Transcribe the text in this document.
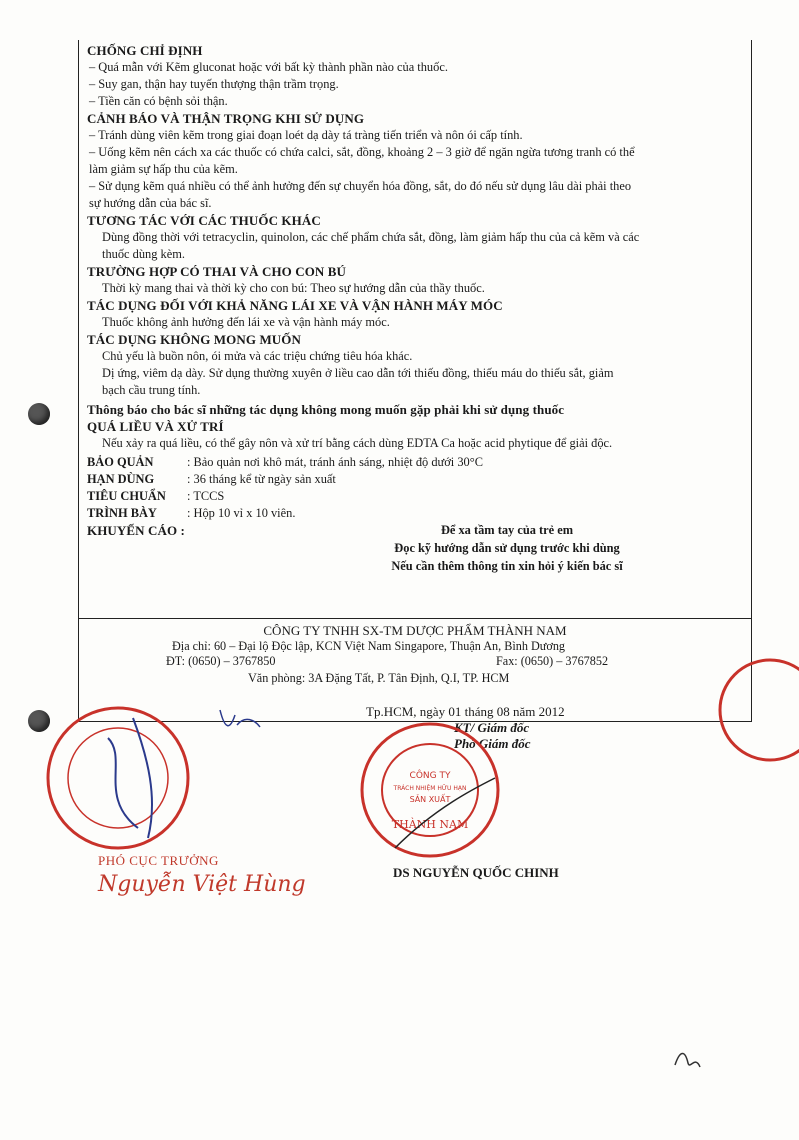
CHỐNG CHỈ ĐỊNH
– Quá mẫn với Kẽm gluconat hoặc với bất kỳ thành phần nào của thuốc.
– Suy gan, thận hay tuyến thượng thận trầm trọng.
– Tiền căn có bệnh sỏi thận.
CẢNH BÁO VÀ THẬN TRỌNG KHI SỬ DỤNG
– Tránh dùng viên kẽm trong giai đoạn loét dạ dày tá tràng tiến triển và nôn ói cấp tính.
– Uống kẽm nên cách xa các thuốc có chứa calci, sắt, đồng, khoảng 2 – 3 giờ để ngăn ngừa tương tranh có thể
làm giảm sự hấp thu của kẽm.
– Sử dụng kẽm quá nhiều có thể ảnh hưởng đến sự chuyển hóa đồng, sắt, do đó nếu sử dụng lâu dài phải theo
sự hướng dẫn của bác sĩ.
TƯƠNG TÁC VỚI CÁC THUỐC KHÁC
Dùng đồng thời với tetracyclin, quinolon, các chế phẩm chứa sắt, đồng, làm giảm hấp thu của cả kẽm và các
thuốc dùng kèm.
TRƯỜNG HỢP CÓ THAI VÀ CHO CON BÚ
Thời kỳ mang thai và thời kỳ cho con bú: Theo sự hướng dẫn của thầy thuốc.
TÁC DỤNG ĐỐI VỚI KHẢ NĂNG LÁI XE VÀ VẬN HÀNH MÁY MÓC
Thuốc không ảnh hưởng đến lái xe và vận hành máy móc.
TÁC DỤNG KHÔNG MONG MUỐN
Chủ yếu là buồn nôn, ói mửa và các triệu chứng tiêu hóa khác.
Dị ứng, viêm dạ dày. Sử dụng thường xuyên ở liều cao dẫn tới thiếu đồng, thiếu máu do thiếu sắt, giảm
bạch cầu trung tính.
Thông báo cho bác sĩ những tác dụng không mong muốn gặp phải khi sử dụng thuốc
QUÁ LIỀU VÀ XỬ TRÍ
Nếu xảy ra quá liều, có thể gây nôn và xử trí bằng cách dùng EDTA Ca hoặc acid phytique để giải độc.
BẢO QUẢN	: Bảo quản nơi khô mát, tránh ánh sáng, nhiệt độ dưới 30°C
HẠN DÙNG	: 36 tháng kể từ ngày sản xuất
TIÊU CHUẨN	: TCCS
TRÌNH BÀY	: Hộp 10 vỉ x 10 viên.
KHUYẾN CÁO :	Để xa tầm tay của trẻ em
Đọc kỹ hướng dẫn sử dụng trước khi dùng
Nếu cần thêm thông tin xin hỏi ý kiến bác sĩ
CÔNG TY TNHH SX-TM DƯỢC PHẨM THÀNH NAM
Địa chỉ: 60 – Đại lộ Độc lập, KCN Việt Nam Singapore, Thuận An, Bình Dương
ĐT: (0650) – 3767850	Fax: (0650) – 3767852
Văn phòng: 3A Đặng Tất, P. Tân Định, Q.I, TP. HCM
Tp.HCM, ngày 01 tháng 08 năm 2012
KT/ Giám đốc
Phó Giám đốc
DS NGUYỄN QUỐC CHINH
CÔNG TY
TRÁCH NHIỆM HỮU HẠN
SẢN XUẤT
THÀNH NAM
PHÓ CỤC TRƯỞNG
Nguyễn Việt Hùng
